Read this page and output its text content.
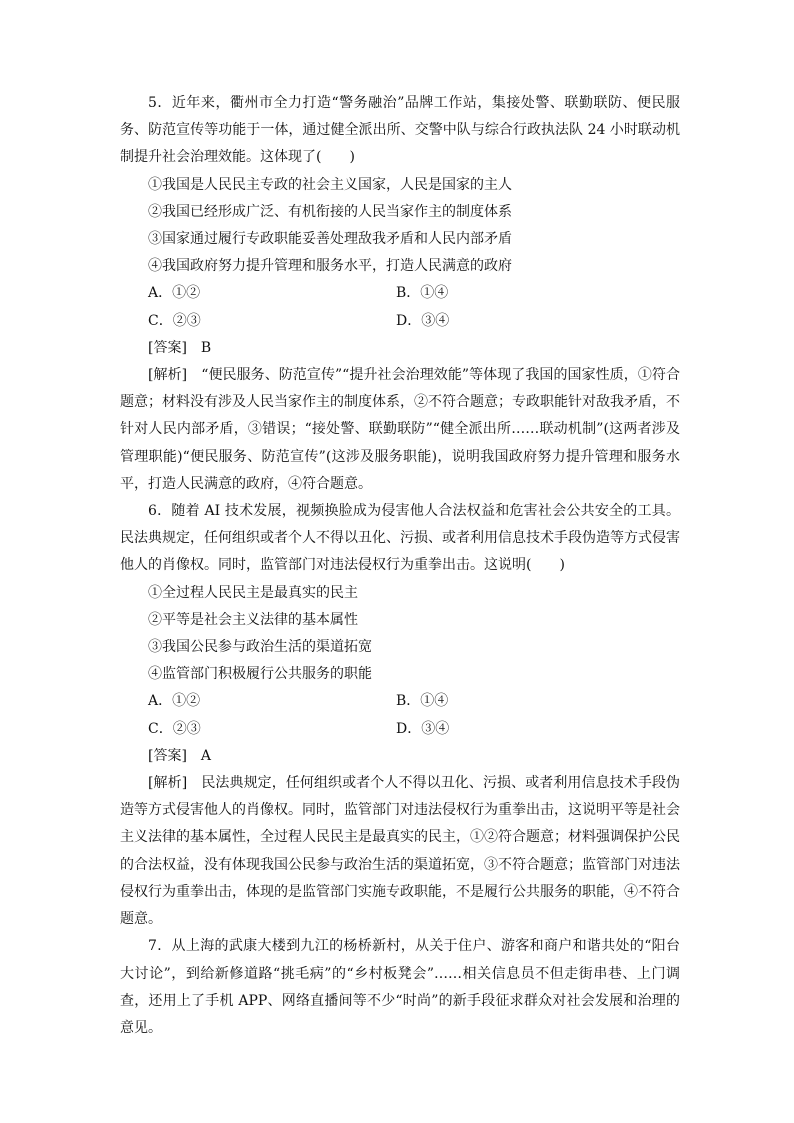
5．近年来，衢州市全力打造“警务融治”品牌工作站，集接处警、联勤联防、便民服务、防范宣传等功能于一体，通过健全派出所、交警中队与综合行政执法队 24 小时联动机制提升社会治理效能。这体现了(　　)

①我国是人民民主专政的社会主义国家，人民是国家的主人

②我国已经形成广泛、有机衔接的人民当家作主的制度体系

③国家通过履行专政职能妥善处理敌我矛盾和人民内部矛盾

④我国政府努力提升管理和服务水平，打造人民满意的政府

A．①②	B．①④
C．②③	D．③④

[答案]　B

[解析]　“便民服务、防范宣传”“提升社会治理效能”等体现了我国的国家性质，①符合题意；材料没有涉及人民当家作主的制度体系，②不符合题意；专政职能针对敌我矛盾，不针对人民内部矛盾，③错误；“接处警、联勤联防”“健全派出所……联动机制”(这两者涉及管理职能)“便民服务、防范宣传”(这涉及服务职能)，说明我国政府努力提升管理和服务水平，打造人民满意的政府，④符合题意。

6．随着 AI 技术发展，视频换脸成为侵害他人合法权益和危害社会公共安全的工具。民法典规定，任何组织或者个人不得以丑化、污损、或者利用信息技术手段伪造等方式侵害他人的肖像权。同时，监管部门对违法侵权行为重拳出击。这说明(　　)

①全过程人民民主是最真实的民主

②平等是社会主义法律的基本属性

③我国公民参与政治生活的渠道拓宽

④监管部门积极履行公共服务的职能

A．①②	B．①④
C．②③	D．③④

[答案]　A

[解析]　民法典规定，任何组织或者个人不得以丑化、污损、或者利用信息技术手段伪造等方式侵害他人的肖像权。同时，监管部门对违法侵权行为重拳出击，这说明平等是社会主义法律的基本属性，全过程人民民主是最真实的民主，①②符合题意；材料强调保护公民的合法权益，没有体现我国公民参与政治生活的渠道拓宽，③不符合题意；监管部门对违法侵权行为重拳出击，体现的是监管部门实施专政职能，不是履行公共服务的职能，④不符合题意。

7．从上海的武康大楼到九江的杨桥新村，从关于住户、游客和商户和谐共处的“阳台大讨论”，到给新修道路“挑毛病”的“乡村板凳会”……相关信息员不但走街串巷、上门调查，还用上了手机 APP、网络直播间等不少“时尚”的新手段征求群众对社会发展和治理的意见。
